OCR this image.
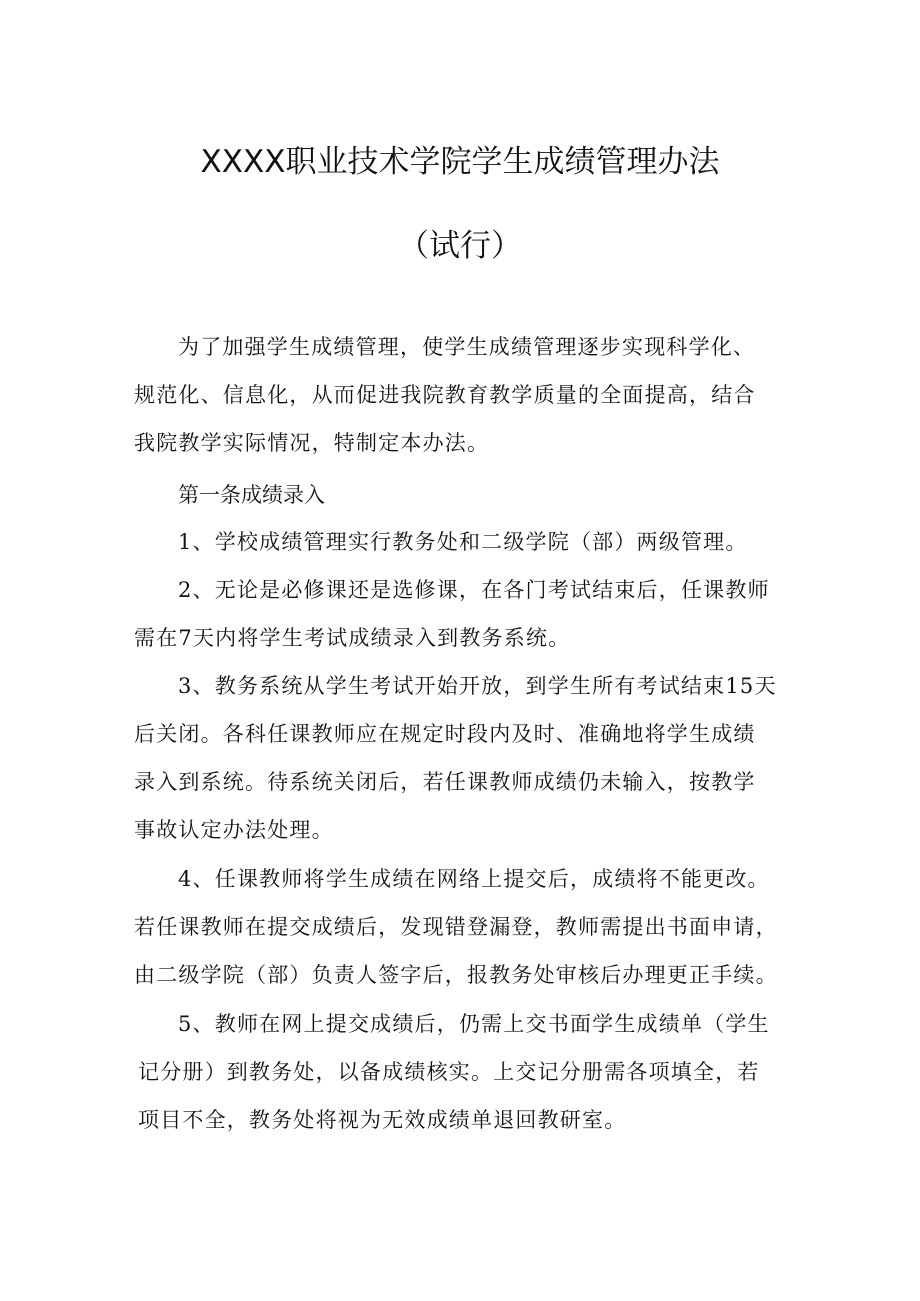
XXXX职业技术学院学生成绩管理办法
（试行）
为了加强学生成绩管理，使学生成绩管理逐步实现科学化、
规范化、信息化，从而促进我院教育教学质量的全面提高，结合
我院教学实际情况，特制定本办法。
第一条成绩录入
1、学校成绩管理实行教务处和二级学院（部）两级管理。
2、无论是必修课还是选修课，在各门考试结束后，任课教师
需在7天内将学生考试成绩录入到教务系统。
3、教务系统从学生考试开始开放，到学生所有考试结束15天
后关闭。各科任课教师应在规定时段内及时、准确地将学生成绩
录入到系统。待系统关闭后，若任课教师成绩仍未输入，按教学
事故认定办法处理。
4、任课教师将学生成绩在网络上提交后，成绩将不能更改。
若任课教师在提交成绩后，发现错登漏登，教师需提出书面申请，
由二级学院（部）负责人签字后，报教务处审核后办理更正手续。
5、教师在网上提交成绩后，仍需上交书面学生成绩单（学生
记分册）到教务处，以备成绩核实。上交记分册需各项填全，若
项目不全，教务处将视为无效成绩单退回教研室。
